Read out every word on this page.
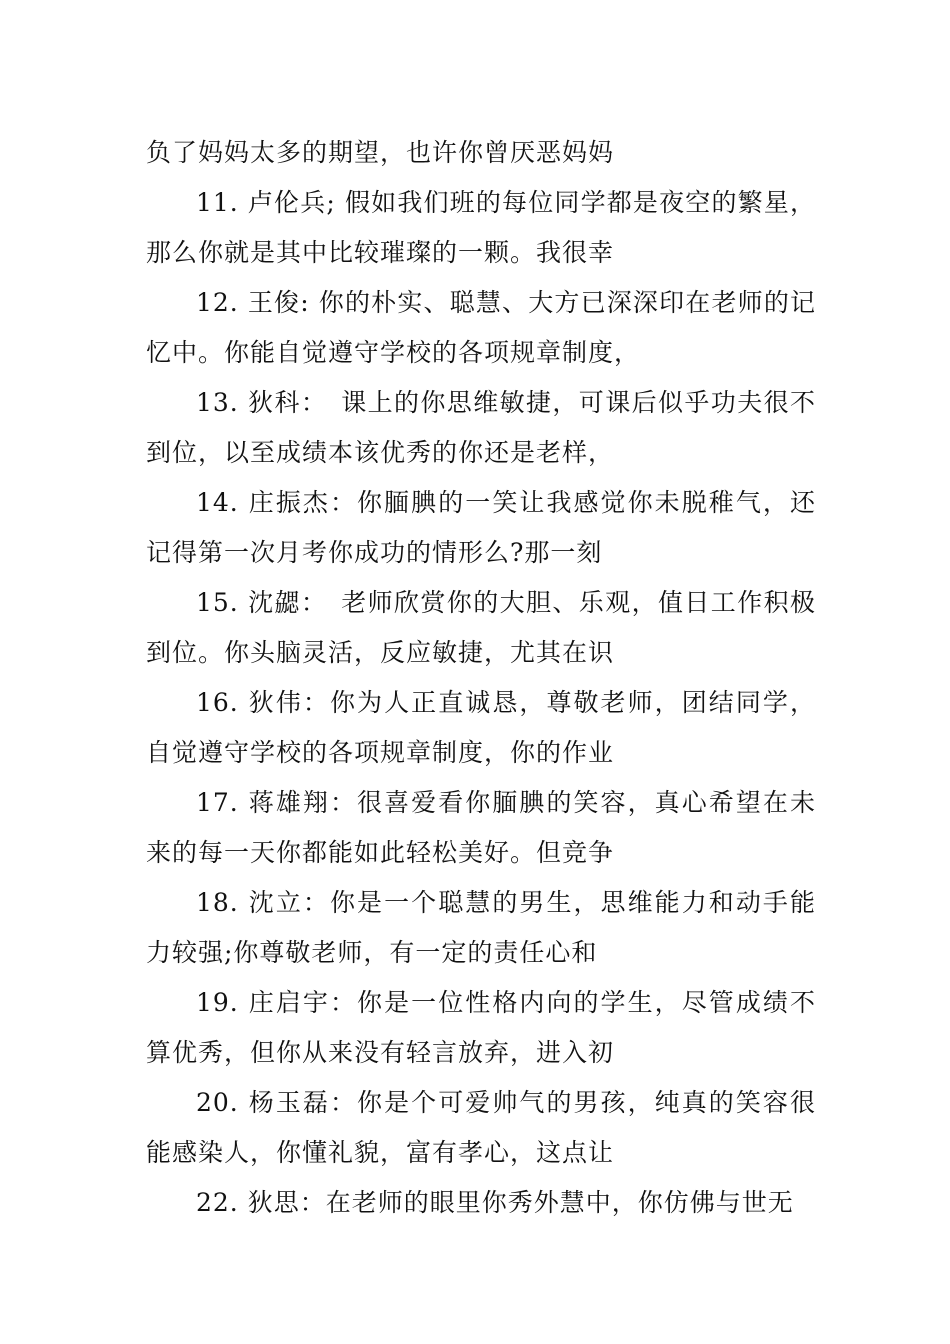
负了妈妈太多的期望，也许你曾厌恶妈妈

11. 卢伦兵; 假如我们班的每位同学都是夜空的繁星，那么你就是其中比较璀璨的一颗。我很幸

12. 王俊: 你的朴实、聪慧、大方已深深印在老师的记忆中。你能自觉遵守学校的各项规章制度，

13. 狄科：　课上的你思维敏捷，可课后似乎功夫很不到位，以至成绩本该优秀的你还是老样，

14. 庄振杰：你腼腆的一笑让我感觉你未脱稚气，还记得第一次月考你成功的情形么?那一刻

15. 沈勰：　老师欣赏你的大胆、乐观，值日工作积极到位。你头脑灵活，反应敏捷，尤其在识

16. 狄伟：你为人正直诚恳，尊敬老师，团结同学，自觉遵守学校的各项规章制度，你的作业

17. 蒋雄翔：很喜爱看你腼腆的笑容，真心希望在未来的每一天你都能如此轻松美好。但竞争

18. 沈立：你是一个聪慧的男生，思维能力和动手能力较强;你尊敬老师，有一定的责任心和

19. 庄启宇：你是一位性格内向的学生，尽管成绩不算优秀，但你从来没有轻言放弃，进入初

20. 杨玉磊：你是个可爱帅气的男孩，纯真的笑容很能感染人，你懂礼貌，富有孝心，这点让

22. 狄思：在老师的眼里你秀外慧中，你仿佛与世无
